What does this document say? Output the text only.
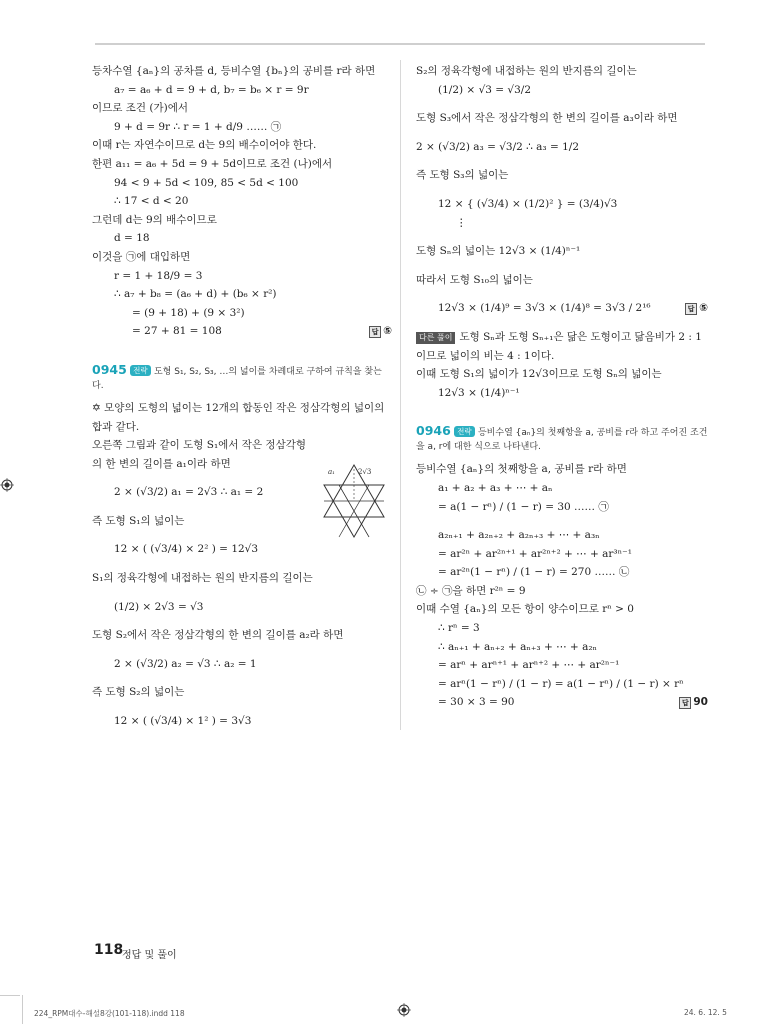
등차수열 {aₙ}의 공차를 d, 등비수열 {bₙ}의 공비를 r라 하면
a₇ = a₆ + d = 9 + d, b₇ = b₆ × r = 9r
이므로 조건 (가)에서
9 + d = 9r ∴ r = 1 + d/9 …… ㉠
이때 r는 자연수이므로 d는 9의 배수이어야 한다.
한편 a₁₁ = a₆ + 5d = 9 + 5d이므로 조건 (나)에서
94 < 9 + 5d < 109, 85 < 5d < 100
∴ 17 < d < 20
그런데 d는 9의 배수이므로
d = 18
이것을 ㉠에 대입하면
r = 1 + 18/9 = 3
∴ a₇ + b₈ = (a₆ + d) + (b₆ × r²)
= (9 + 18) + (9 × 3²)
= 27 + 81 = 108	답 ⑤
0945 전략 도형 S₁, S₂, S₃, …의 넓이를 차례대로 구하여 규칙을 찾는다.
✡ 모양의 도형의 넓이는 12개의 합동인 작은 정삼각형의 넓이의
합과 같다.
오른쪽 그림과 같이 도형 S₁에서 작은 정삼각형
의 한 변의 길이를 a₁이라 하면
2 × (√3/2) a₁ = 2√3 ∴ a₁ = 2
즉 도형 S₁의 넓이는
12 × ( (√3/4) × 2² ) = 12√3
S₁의 정육각형에 내접하는 원의 반지름의 길이는
(1/2) × 2√3 = √3
도형 S₂에서 작은 정삼각형의 한 변의 길이를 a₂라 하면
2 × (√3/2) a₂ = √3 ∴ a₂ = 1
즉 도형 S₂의 넓이는
12 × ( (√3/4) × 1² ) = 3√3
a₁	2√3
S₂의 정육각형에 내접하는 원의 반지름의 길이는
(1/2) × √3 = √3/2
도형 S₃에서 작은 정삼각형의 한 변의 길이를 a₃이라 하면
2 × (√3/2) a₃ = √3/2 ∴ a₃ = 1/2
즉 도형 S₃의 넓이는
12 × { (√3/4) × (1/2)² } = (3/4)√3
⋮
도형 Sₙ의 넓이는 12√3 × (1/4)ⁿ⁻¹
따라서 도형 S₁₀의 넓이는
12√3 × (1/4)⁹ = 3√3 × (1/4)⁸ = 3√3 / 2¹⁶	답 ⑤
다른 풀이 도형 Sₙ과 도형 Sₙ₊₁은 닮은 도형이고 닮음비가 2 : 1
이므로 넓이의 비는 4 : 1이다.
이때 도형 S₁의 넓이가 12√3이므로 도형 Sₙ의 넓이는
12√3 × (1/4)ⁿ⁻¹
0946 전략 등비수열 {aₙ}의 첫째항을 a, 공비를 r라 하고 주어진 조건을 a, r에 대한 식으로 나타낸다.
등비수열 {aₙ}의 첫째항을 a, 공비를 r라 하면
a₁ + a₂ + a₃ + ⋯ + aₙ
= a(1 − rⁿ) / (1 − r) = 30 …… ㉠
a₂ₙ₊₁ + a₂ₙ₊₂ + a₂ₙ₊₃ + ⋯ + a₃ₙ
= ar²ⁿ + ar²ⁿ⁺¹ + ar²ⁿ⁺² + ⋯ + ar³ⁿ⁻¹
= ar²ⁿ(1 − rⁿ) / (1 − r) = 270 …… ㉡
㉡ ÷ ㉠을 하면 r²ⁿ = 9
이때 수열 {aₙ}의 모든 항이 양수이므로 rⁿ > 0
∴ rⁿ = 3
∴ aₙ₊₁ + aₙ₊₂ + aₙ₊₃ + ⋯ + a₂ₙ
= arⁿ + arⁿ⁺¹ + arⁿ⁺² + ⋯ + ar²ⁿ⁻¹
= arⁿ(1 − rⁿ) / (1 − r) = a(1 − rⁿ) / (1 − r) × rⁿ
= 30 × 3 = 90	답 90
118
정답 및 풀이
224_RPM대수-해설8강(101-118).indd 118	24. 6. 12. 5
